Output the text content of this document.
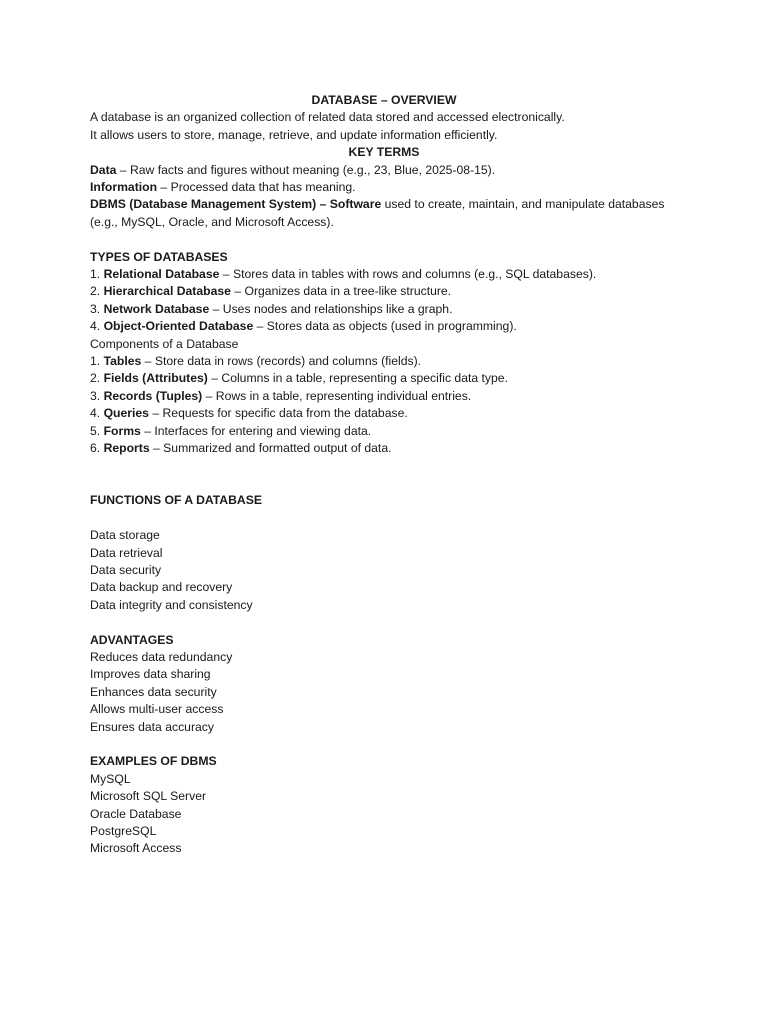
DATABASE – OVERVIEW
A database is an organized collection of related data stored and accessed electronically.
It allows users to store, manage, retrieve, and update information efficiently.
KEY TERMS
Data – Raw facts and figures without meaning (e.g., 23, Blue, 2025-08-15).
Information – Processed data that has meaning.
DBMS (Database Management System) – Software used to create, maintain, and manipulate databases
(e.g., MySQL, Oracle, and Microsoft Access).
TYPES OF DATABASES
1. Relational Database – Stores data in tables with rows and columns (e.g., SQL databases).
2. Hierarchical Database – Organizes data in a tree-like structure.
3. Network Database – Uses nodes and relationships like a graph.
4. Object-Oriented Database – Stores data as objects (used in programming).
Components of a Database
1. Tables – Store data in rows (records) and columns (fields).
2. Fields (Attributes) – Columns in a table, representing a specific data type.
3. Records (Tuples) – Rows in a table, representing individual entries.
4. Queries – Requests for specific data from the database.
5. Forms – Interfaces for entering and viewing data.
6. Reports – Summarized and formatted output of data.
FUNCTIONS OF A DATABASE
Data storage
Data retrieval
Data security
Data backup and recovery
Data integrity and consistency
ADVANTAGES
Reduces data redundancy
Improves data sharing
Enhances data security
Allows multi-user access
Ensures data accuracy
EXAMPLES OF DBMS
MySQL
Microsoft SQL Server
Oracle Database
PostgreSQL
Microsoft Access
